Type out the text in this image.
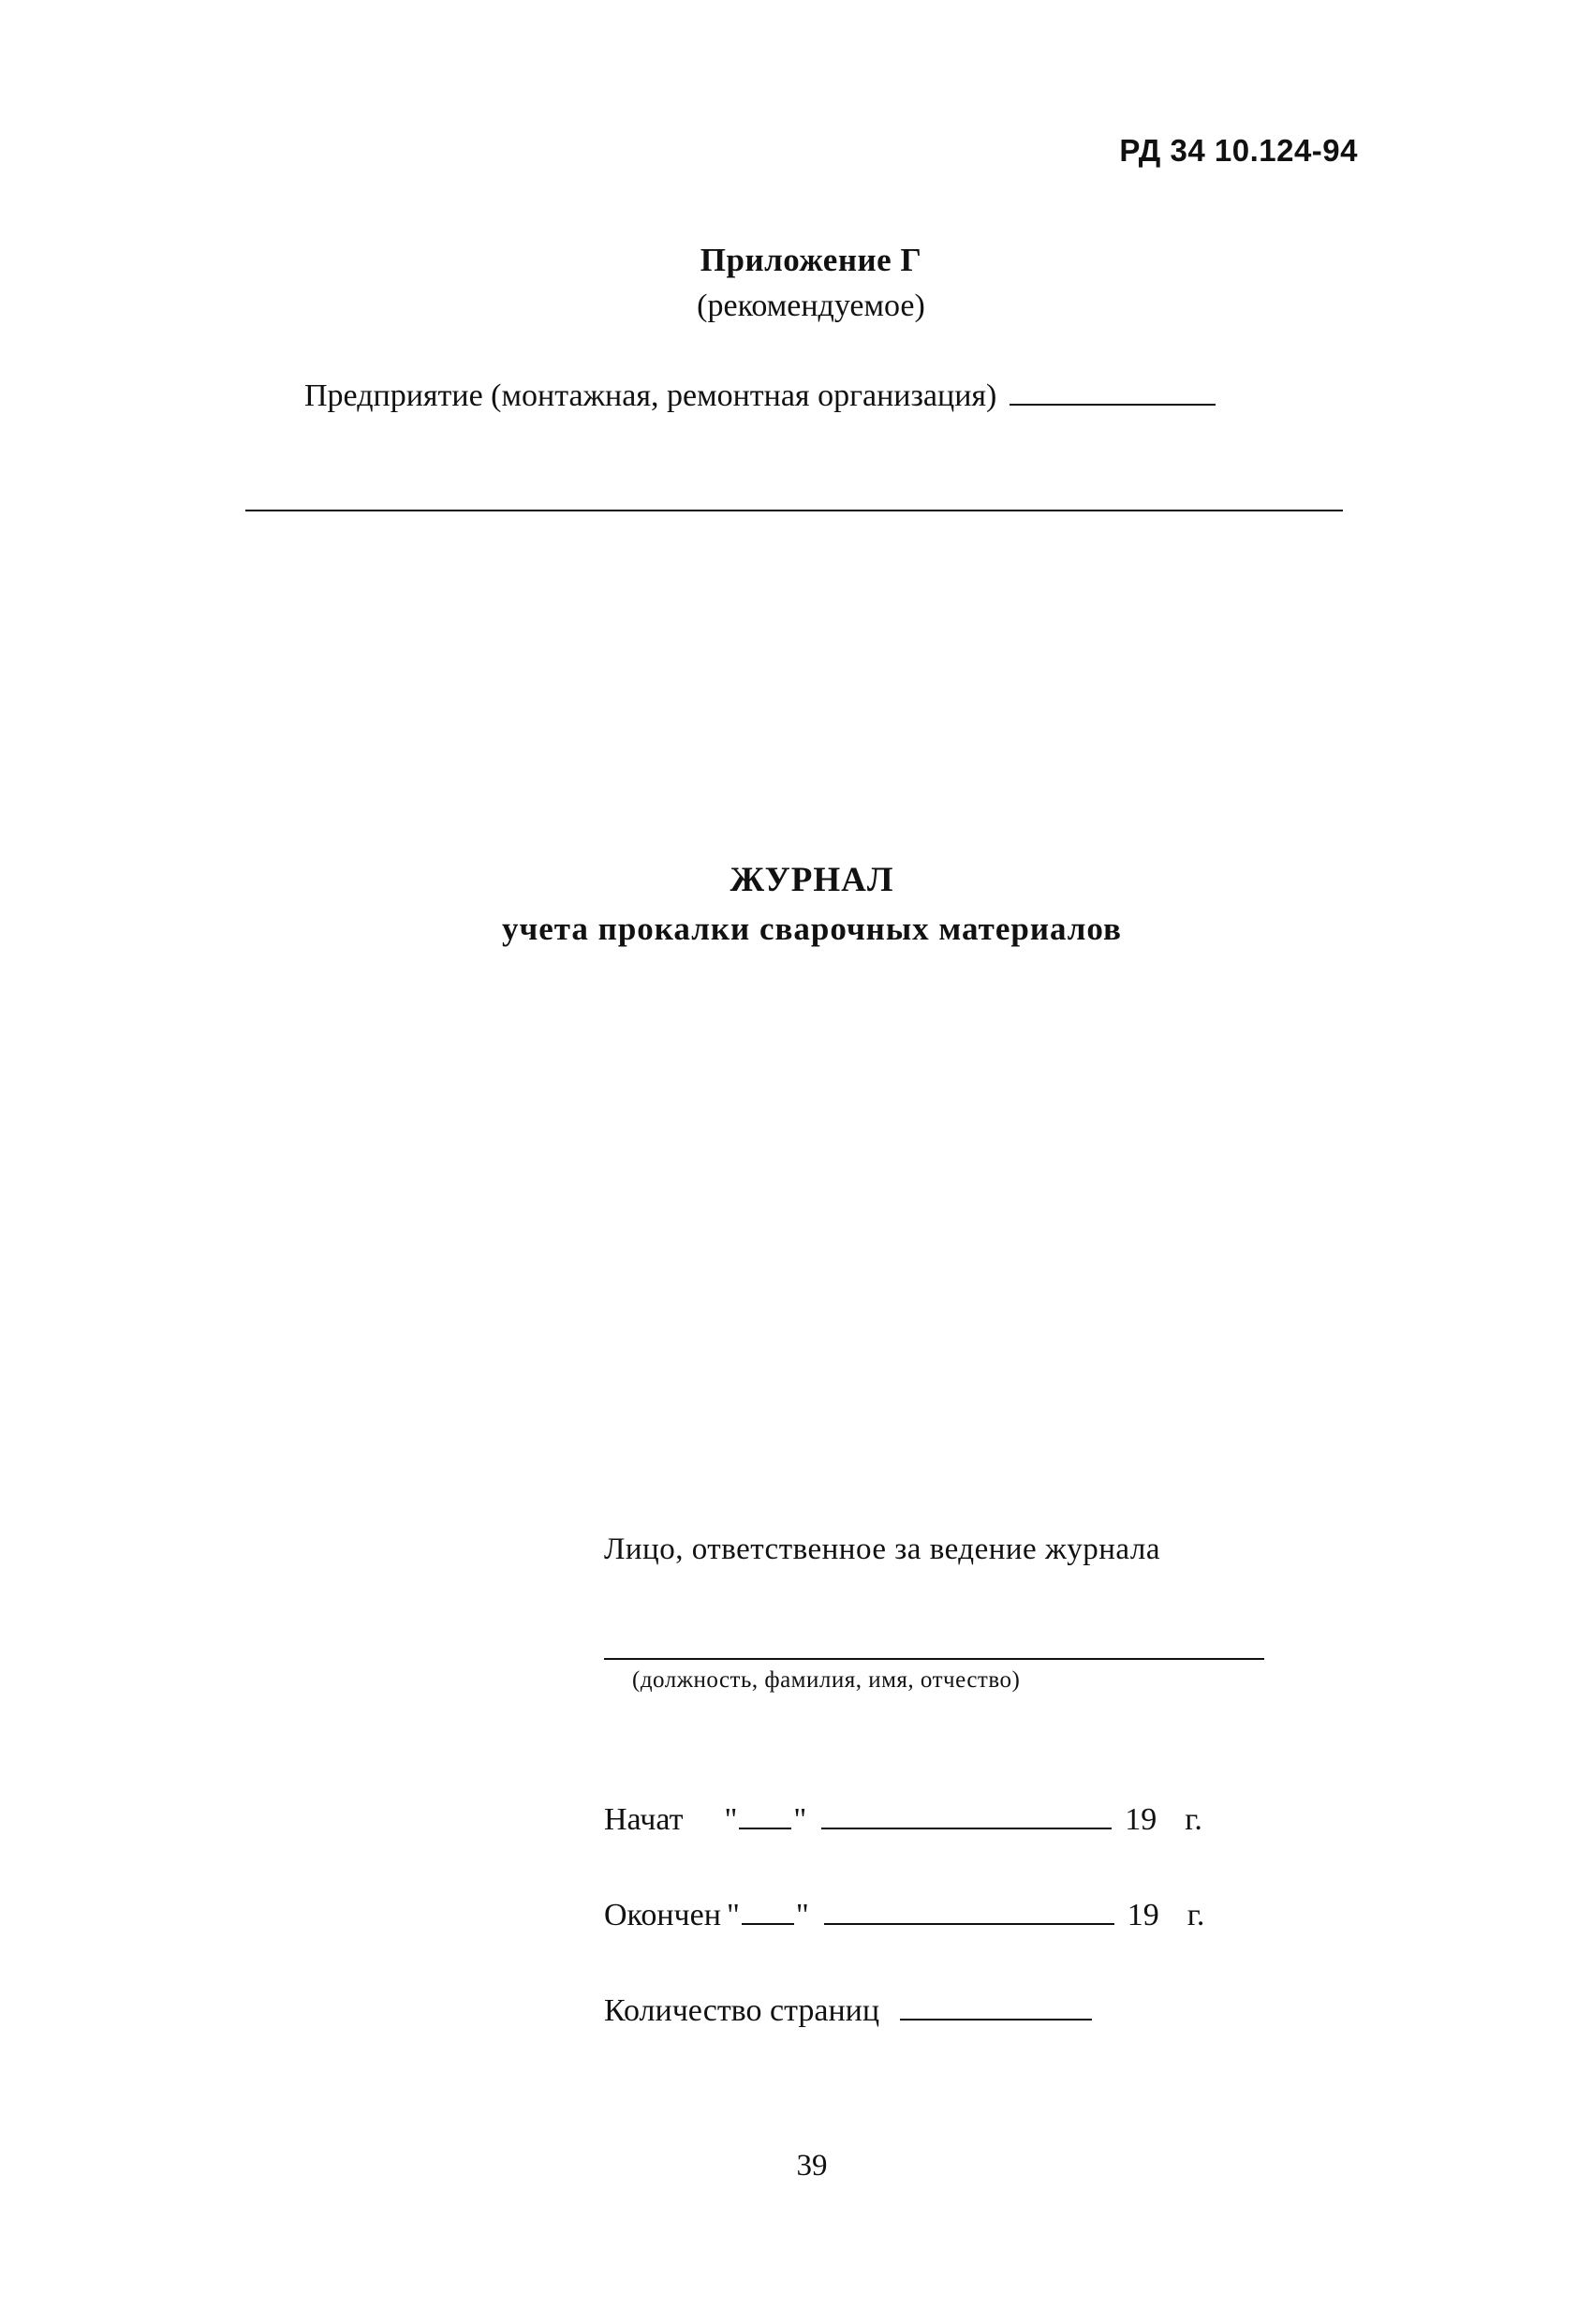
РД 34 10.124-94
Приложение Г
(рекомендуемое)
Предприятие (монтажная, ремонтная организация)
ЖУРНАЛ
учета прокалки сварочных материалов
Лицо, ответственное за ведение журнала
(должность, фамилия, имя, отчество)
Начат " "	19 г.
Окончен " "	19 г.
Количество страниц
39
